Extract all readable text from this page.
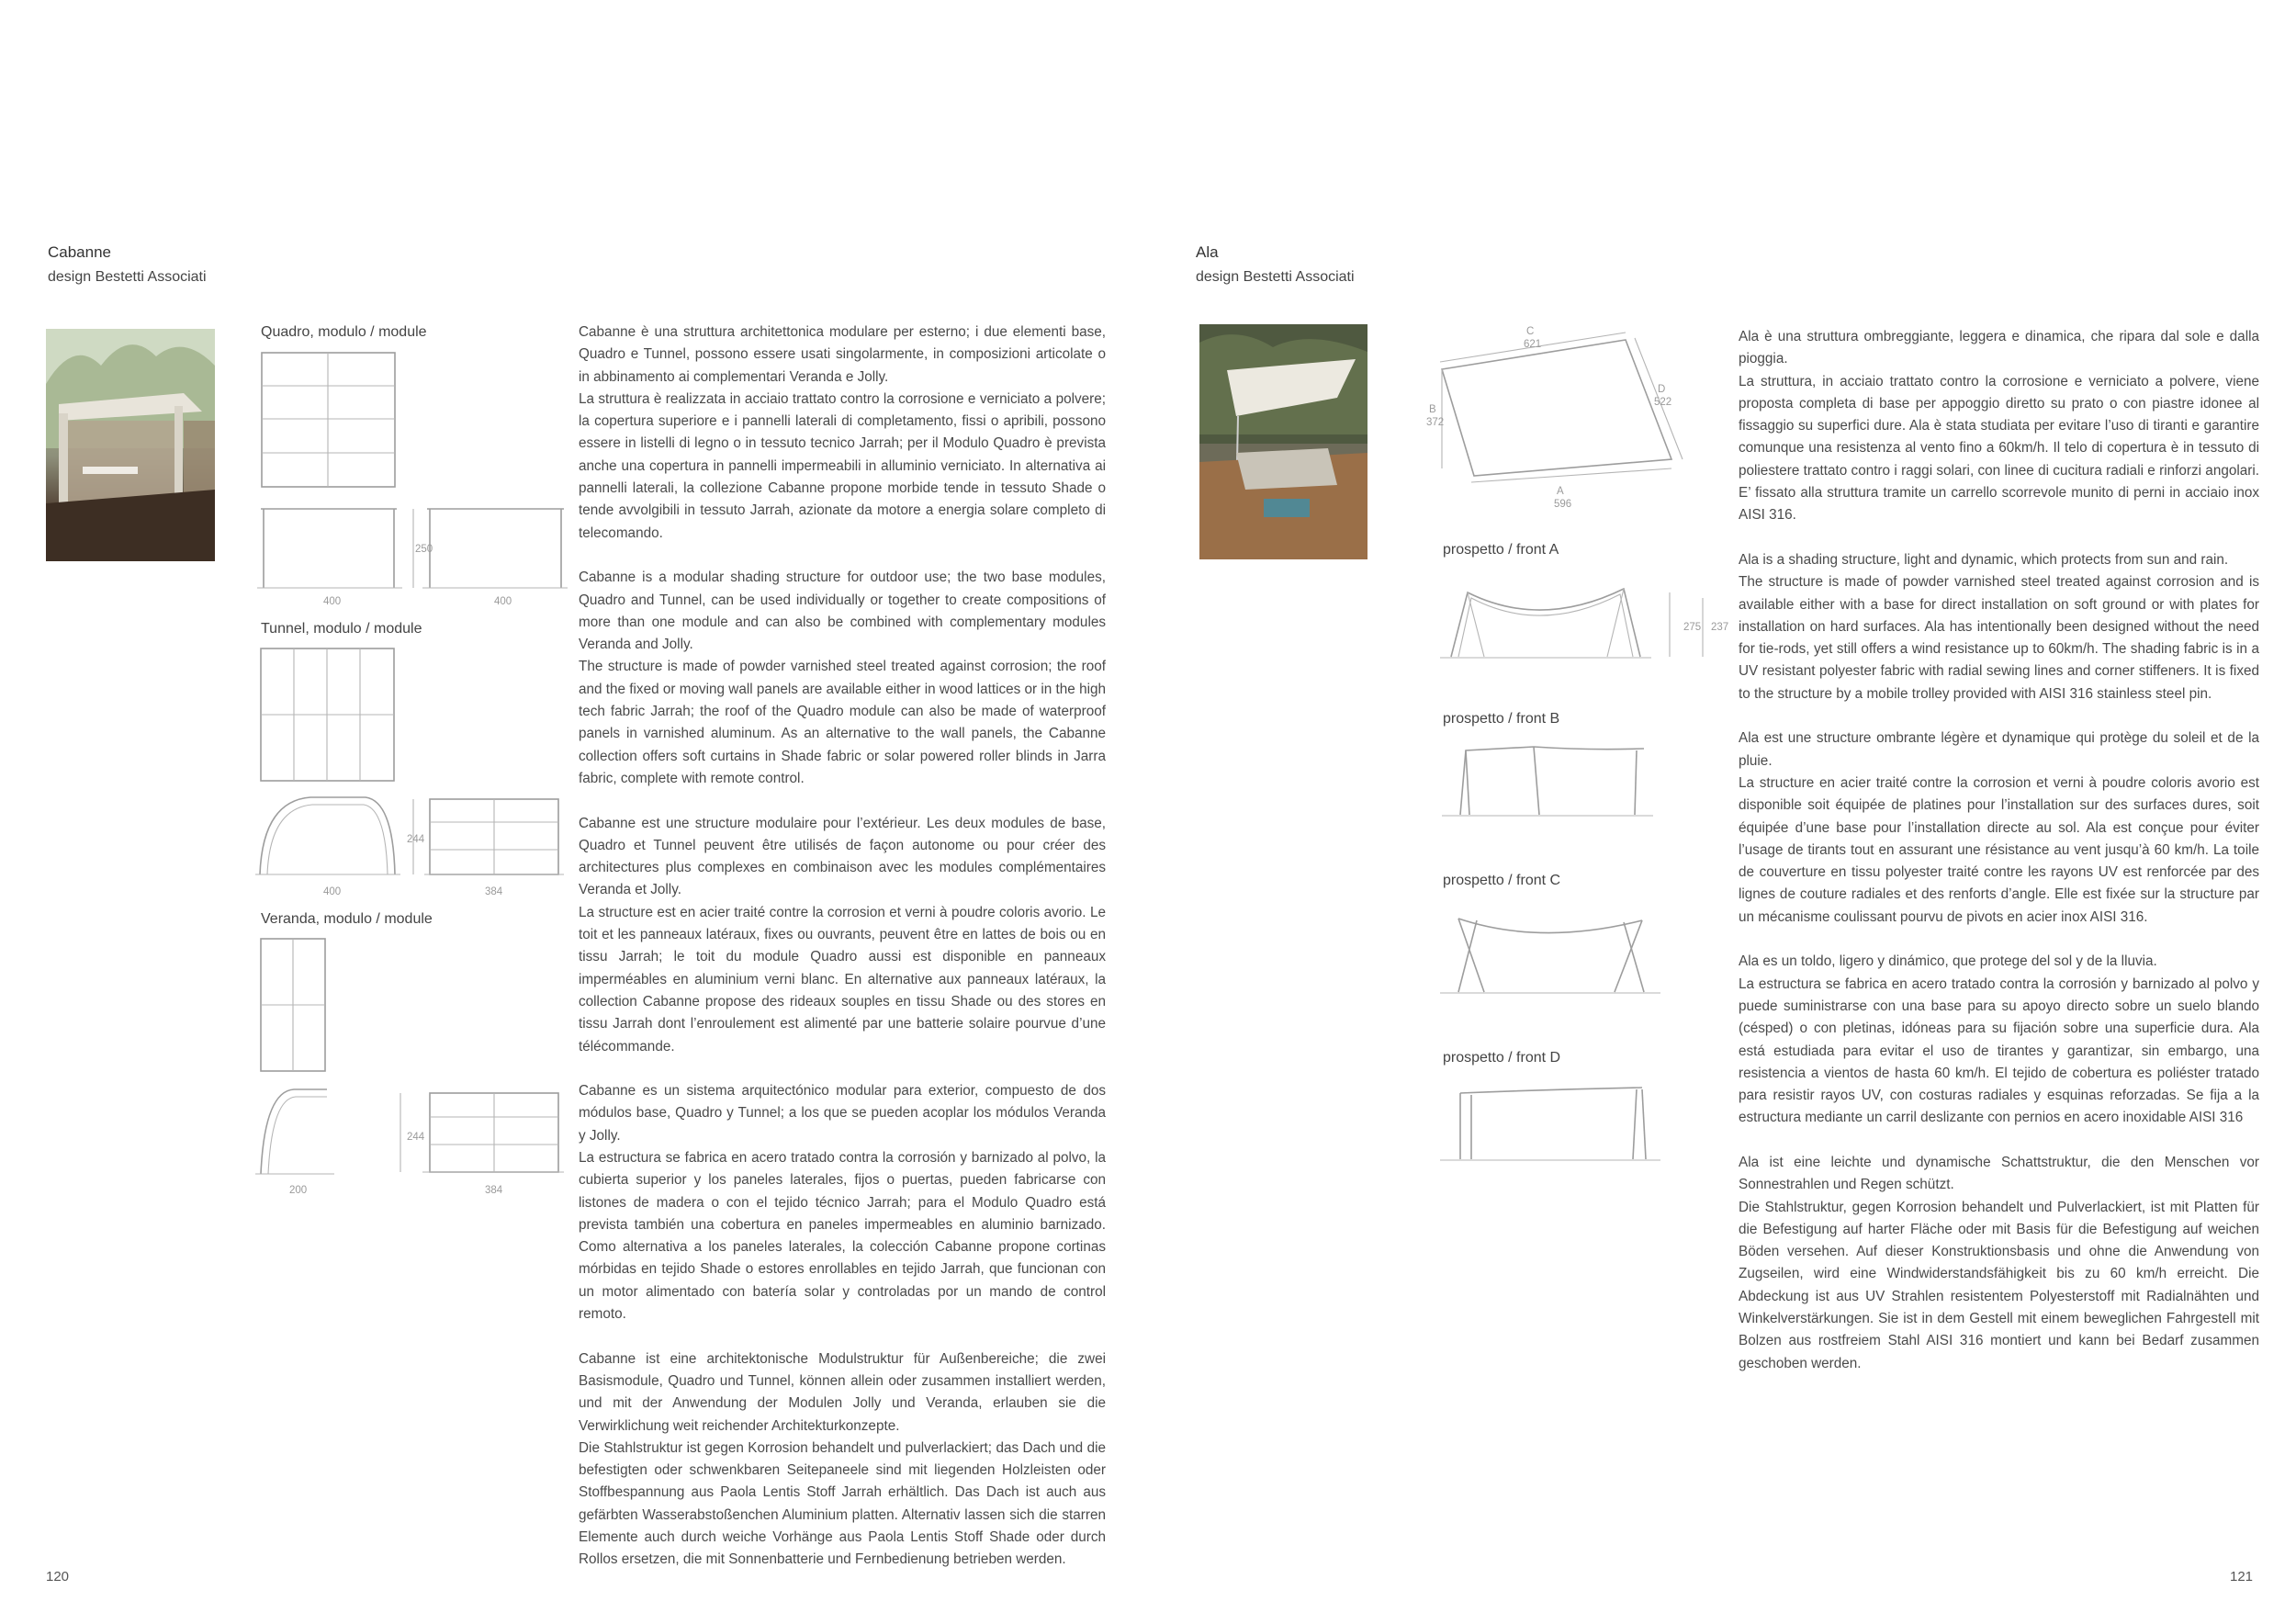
Cabanne
design Bestetti Associati
Quadro, modulo / module
250
400	400
Tunnel, modulo / module
244
400	384
Veranda, modulo / module
244
200	384

Cabanne è una struttura architettonica modulare per esterno; i due elementi base, Quadro e Tunnel, possono essere usati singolarmente, in composizioni articolate o in abbinamento ai complementari Veranda e Jolly.

La struttura è realizzata in acciaio trattato contro la corrosione e verniciato a polvere; la copertura superiore e i pannelli laterali di completamento, fissi o apribili, possono essere in listelli di legno o in tessuto tecnico Jarrah; per il Modulo Quadro è prevista anche una copertura in pannelli impermeabili in alluminio verniciato. In alternativa ai pannelli laterali, la collezione Cabanne propone morbide tende in tessuto Shade o tende avvolgibili in tessuto Jarrah, azionate da motore a energia solare completo di telecomando.

Cabanne is a modular shading structure for outdoor use; the two base modules, Quadro and Tunnel, can be used individually or together to create compositions of more than one module and can also be combined with complementary modules Veranda and Jolly.

The structure is made of powder varnished steel treated against corrosion; the roof and the fixed or moving wall panels are available either in wood lattices or in the high tech fabric Jarrah; the roof of the Quadro module can also be made of waterproof panels in varnished aluminum. As an alternative to the wall panels, the Cabanne collection offers soft curtains in Shade fabric or solar powered roller blinds in Jarra fabric, complete with remote control.

Cabanne est une structure modulaire pour l’extérieur. Les deux modules de base, Quadro et Tunnel peuvent être utilisés de façon autonome ou pour créer des architectures plus complexes en combinaison avec les modules complémentaires Veranda et Jolly.

La structure est en acier traité contre la corrosion et verni à poudre coloris avorio. Le toit et les panneaux latéraux, fixes ou ouvrants, peuvent être en lattes de bois ou en tissu Jarrah; le toit du module Quadro aussi est disponible en panneaux imperméables en aluminium verni blanc. En alternative aux panneaux latéraux, la collection Cabanne propose des rideaux souples en tissu Shade ou des stores en tissu Jarrah dont l’enroulement est alimenté par une batterie solaire pourvue d’une télécommande.

Cabanne es un sistema arquitectónico modular para exterior, compuesto de dos módulos base, Quadro y Tunnel; a los que se pueden acoplar los módulos Veranda y Jolly.

La estructura se fabrica en acero tratado contra la corrosión y barnizado al polvo, la cubierta superior y los paneles laterales, fijos o puertas, pueden fabricarse con listones de madera o con el tejido técnico Jarrah; para el Modulo Quadro está prevista también una cobertura en paneles impermeables en aluminio barnizado. Como alternativa a los paneles laterales, la colección Cabanne propone cortinas mórbidas en tejido Shade o estores enrollables en tejido Jarrah, que funcionan con un motor alimentado con batería solar y controladas por un mando de control remoto.

Cabanne ist eine architektonische Modulstruktur für Außenbereiche; die zwei Basismodule, Quadro und Tunnel, können allein oder zusammen installiert werden, und mit der Anwendung der Modulen Jolly und Veranda, erlauben sie die Verwirklichung weit reichender Architekturkonzepte.

Die Stahlstruktur ist gegen Korrosion behandelt und pulverlackiert; das Dach und die befestigten oder schwenkbaren Seitepaneele sind mit liegenden Holzleisten oder Stoffbespannung aus Paola Lentis Stoff Jarrah erhältlich. Das Dach ist auch aus gefärbten Wasserabstoßenchen Aluminium platten. Alternativ lassen sich die starren Elemente auch durch weiche Vorhänge aus Paola Lentis Stoff Shade oder durch Rollos ersetzen, die mit Sonnenbatterie und Fernbedienung betrieben werden.

120
Ala
design Bestetti Associati
C
621
D
522
B
372
A
596
prospetto / front A
275 237
prospetto / front B
prospetto / front C
prospetto / front D

Ala è una struttura ombreggiante, leggera e dinamica, che ripara dal sole e dalla pioggia.

La struttura, in acciaio trattato contro la corrosione e verniciato a polvere, viene proposta completa di base per appoggio diretto su prato o con piastre idonee al fissaggio su superfici dure. Ala è stata studiata per evitare l’uso di tiranti e garantire comunque una resistenza al vento fino a 60km/h. Il telo di copertura è in tessuto di poliestere trattato contro i raggi solari, con linee di cucitura radiali e rinforzi angolari. E’ fissato alla struttura tramite un carrello scorrevole munito di perni in acciaio inox AISI 316.

Ala is a shading structure, light and dynamic, which protects from sun and rain.

The structure is made of powder varnished steel treated against corrosion and is available either with a base for direct installation on soft ground or with plates for installation on hard surfaces. Ala has intentionally been designed without the need for tie-rods, yet still offers a wind resistance up to 60km/h. The shading fabric is in a UV resistant polyester fabric with radial sewing lines and corner stiffeners. It is fixed to the structure by a mobile trolley provided with AISI 316 stainless steel pin.

Ala est une structure ombrante légère et dynamique qui protège du soleil et de la pluie.

La structure en acier traité contre la corrosion et verni à poudre coloris avorio est disponible soit équipée de platines pour l’installation sur des surfaces dures, soit équipée d’une base pour l’installation directe au sol. Ala est conçue pour éviter l’usage de tirants tout en assurant une résistance au vent jusqu’à 60 km/h. La toile de couverture en tissu polyester traité contre les rayons UV est renforcée par des lignes de couture radiales et des renforts d’angle. Elle est fixée sur la structure par un mécanisme coulissant pourvu de pivots en acier inox AISI 316.

Ala es un toldo, ligero y dinámico, que protege del sol y de la lluvia.

La estructura se fabrica en acero tratado contra la corrosión y barnizado al polvo y puede suministrarse con una base para su apoyo directo sobre un suelo blando (césped) o con pletinas, idóneas para su fijación sobre una superficie dura. Ala está estudiada para evitar el uso de tirantes y garantizar, sin embargo, una resistencia a vientos de hasta 60 km/h. El tejido de cobertura es poliéster tratado para resistir rayos UV, con costuras radiales y esquinas reforzadas. Se fija a la estructura mediante un carril deslizante con pernios en acero inoxidable AISI 316

Ala ist eine leichte und dynamische Schattstruktur, die den Menschen vor Sonnestrahlen und Regen schützt.

Die Stahlstruktur, gegen Korrosion behandelt und Pulverlackiert, ist mit Platten für die Befestigung auf harter Fläche oder mit Basis für die Befestigung auf weichen Böden versehen. Auf dieser Konstruktionsbasis und ohne die Anwendung von Zugseilen, wird eine Windwiderstandsfähigkeit bis zu 60 km/h erreicht. Die Abdeckung ist aus UV Strahlen resistentem Polyesterstoff mit Radialnähten und Winkelverstärkungen. Sie ist in dem Gestell mit einem beweglichen Fahrgestell mit Bolzen aus rostfreiem Stahl AISI 316 montiert und kann bei Bedarf zusammen geschoben werden.

121
